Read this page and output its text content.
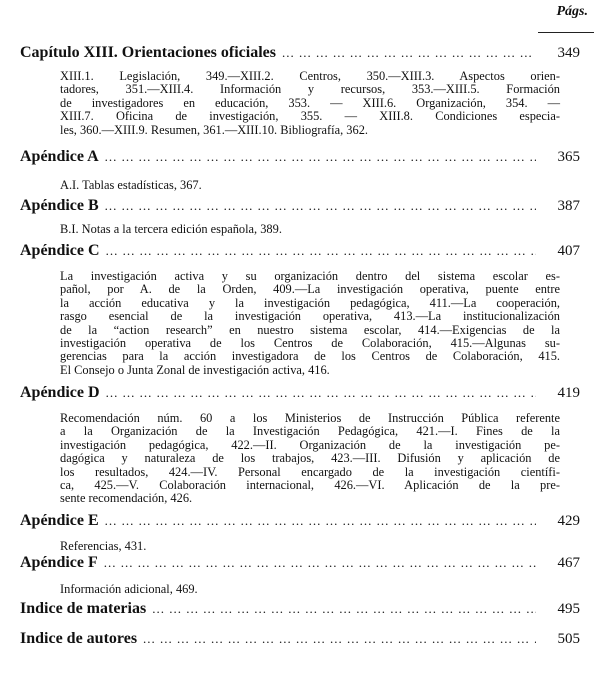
Págs.
Capítulo XIII. Orientaciones oficiales ... .	349
XIII.1. Legislación, 349.—XIII.2. Centros, 350.—XIII.3. Aspectos orien-
tadores, 351.—XIII.4. Información y recursos, 353.—XIII.5. Formación
de investigadores en educación, 353. — XIII.6. Organización, 354. —
XIII.7. Oficina de investigación, 355. — XIII.8. Condiciones especia-
les, 360.—XIII.9. Resumen, 361.—XIII.10. Bibliografía, 362.
Apéndice A ... .	365
A.I. Tablas estadísticas, 367.
Apéndice B ... .	387
B.I. Notas a la tercera edición española, 389.
Apéndice C ... .	407
La investigación activa y su organización dentro del sistema escolar es-
pañol, por A. de la Orden, 409.—La investigación operativa, puente entre
la acción educativa y la investigación pedagógica, 411.—La cooperación,
rasgo esencial de la investigación operativa, 413.—La institucionalización
de la “action research” en nuestro sistema escolar, 414.—Exigencias de la
investigación operativa de los Centros de Colaboración, 415.—Algunas su-
gerencias para la acción investigadora de los Centros de Colaboración, 415.
El Consejo o Junta Zonal de investigación activa, 416.
Apéndice D ... .	419
Recomendación núm. 60 a los Ministerios de Instrucción Pública referente
a la Organización de la Investigación Pedagógica, 421.—I. Fines de la
investigación pedagógica, 422.—II. Organización de la investigación pe-
dagógica y naturaleza de los trabajos, 423.—III. Difusión y aplicación de
los resultados, 424.—IV. Personal encargado de la investigación científi-
ca, 425.—V. Colaboración internacional, 426.—VI. Aplicación de la pre-
sente recomendación, 426.
Apéndice E ... .	429
Referencias, 431.
Apéndice F ... .	467
Información adicional, 469.
Indice de materias ... .	495
Indice de autores ... .	505
